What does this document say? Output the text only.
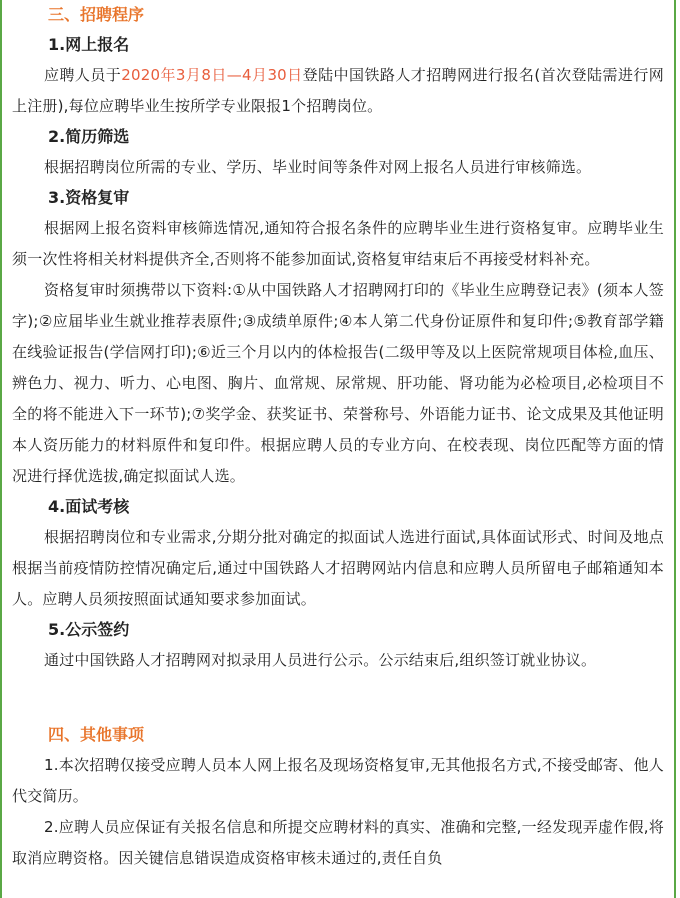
三、招聘程序
1.网上报名

应聘人员于2020年3月8日—4月30日登陆中国铁路人才招聘网进行报名(首次登陆需进行网上注册),每位应聘毕业生按所学专业限报1个招聘岗位。

2.简历筛选

根据招聘岗位所需的专业、学历、毕业时间等条件对网上报名人员进行审核筛选。

3.资格复审

根据网上报名资料审核筛选情况,通知符合报名条件的应聘毕业生进行资格复审。应聘毕业生须一次性将相关材料提供齐全,否则将不能参加面试,资格复审结束后不再接受材料补充。

资格复审时须携带以下资料:①从中国铁路人才招聘网打印的《毕业生应聘登记表》(须本人签字);②应届毕业生就业推荐表原件;③成绩单原件;④本人第二代身份证原件和复印件;⑤教育部学籍在线验证报告(学信网打印);⑥近三个月以内的体检报告(二级甲等及以上医院常规项目体检,血压、辨色力、视力、听力、心电图、胸片、血常规、尿常规、肝功能、肾功能为必检项目,必检项目不全的将不能进入下一环节);⑦奖学金、获奖证书、荣誉称号、外语能力证书、论文成果及其他证明本人资历能力的材料原件和复印件。根据应聘人员的专业方向、在校表现、岗位匹配等方面的情况进行择优选拔,确定拟面试人选。

4.面试考核

根据招聘岗位和专业需求,分期分批对确定的拟面试人选进行面试,具体面试形式、时间及地点根据当前疫情防控情况确定后,通过中国铁路人才招聘网站内信息和应聘人员所留电子邮箱通知本人。应聘人员须按照面试通知要求参加面试。

5.公示签约

通过中国铁路人才招聘网对拟录用人员进行公示。公示结束后,组织签订就业协议。

四、其他事项

1.本次招聘仅接受应聘人员本人网上报名及现场资格复审,无其他报名方式,不接受邮寄、他人代交简历。

2.应聘人员应保证有关报名信息和所提交应聘材料的真实、准确和完整,一经发现弄虚作假,将取消应聘资格。因关键信息错误造成资格审核未通过的,责任自负
